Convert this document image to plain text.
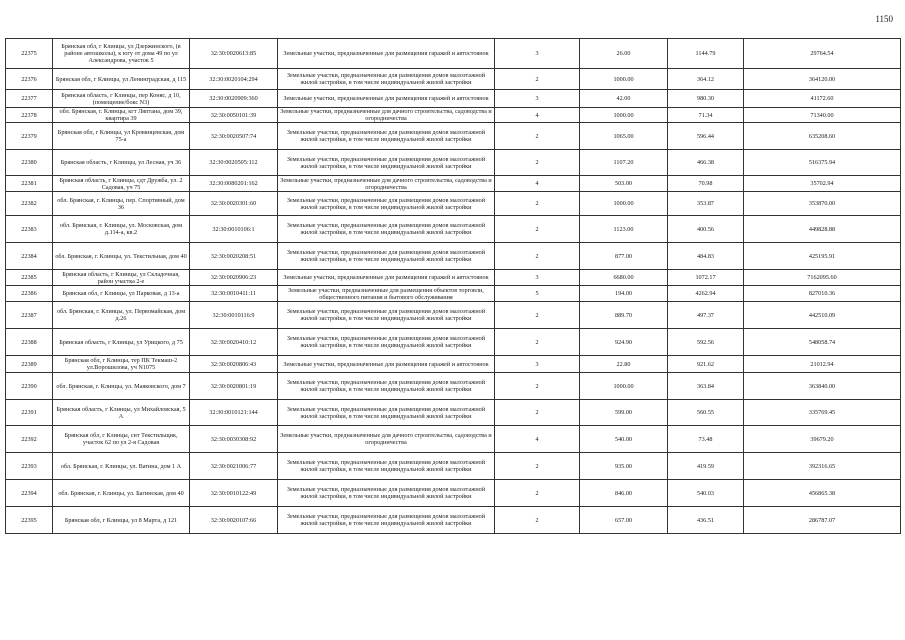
1150
22375	Брянская обл, г Клинцы, ул Дзержинского, (в районе автошколы), к югу от дома 49 по ул Александрова, участок 5	32:30:0020613:85	Земельные участки, предназначенные для размещения гаражей и автостоянок	3	26.00	1144.79	29764.54
22376	Брянская обл, г Клинцы, ул Ленинградская, д 115	32:30:0020104:294	Земельные участки, предназначенные для размещения домов малоэтажной жилой застройки, в том числе индивидуальной жилой застройки	2	1000.00	364.12	364120.00
22377	Брянская область, г Клинцы, пер Коняс, д 10, (помещение/бокс N3)	32:30:0020909:360	Земельные участки, предназначенные для размещения гаражей и автостоянок	3	42.00	980.30	41172.60
22378	обл. Брянская, г. Клинцы, кгт Ляптана, дом 39, квартира 39	32:30:0050101:39	Земельные участки, предназначенные для дачного строительства, садоводства и огородничества	4	1000.00	71.34	71340.00
22379	Брянская обл, г Клинцы, ул Кровянцевская, дом 75-а	32:30:0020507:74	Земельные участки, предназначенные для размещения домов малоэтажной жилой застройки, в том числе индивидуальной жилой застройки	2	1065.00	596.44	635208.60
22380	Брянская область, г Клинцы, ул Лесная, уч 36	32:30:0020505:112	Земельные участки, предназначенные для размещения домов малоэтажной жилой застройки, в том числе индивидуальной жилой застройки	2	1107.20	466.38	516375.94
22381	Брянская область, г Клинцы, сдт Дружба, ул. 2 Садовая, уч 75	32:30:0080201:162	Земельные участки, предназначенные для дачного строительства, садоводства и огородничества	4	503.00	70.98	35702.94
22382	обл. Брянская, г. Клинцы, пер. Спортивный, дом 36	32:30:0020301:60	Земельные участки, предназначенные для размещения домов малоэтажной жилой застройки, в том числе индивидуальной жилой застройки	2	1000.00	353.87	353870.00
22383	обл. Брянская, г. Клинцы, ул. Московская, дом д.114-а, кв.2	32:30:0010106:1	Земельные участки, предназначенные для размещения домов малоэтажной жилой застройки, в том числе индивидуальной жилой застройки	2	1123.00	400.56	449828.88
22384	обл. Брянская, г. Клинцы, ул. Текстильная, дом 40	32:30:0020208:51	Земельные участки, предназначенные для размещения домов малоэтажной жилой застройки, в том числе индивидуальной жилой застройки	2	877.00	484.83	425195.91
22385	Брянская область, г Клинцы, ул Складочная, район участка 2-е	32:30:0020906:23	Земельные участки, предназначенные для размещения гаражей и автостоянок	3	6680.00	1072.17	7162095.60
22386	Брянская обл, г Клинцы, ул Парковая, д 13-а	32:30:0010411:11	Земельные участки, предназначенные для размещения объектов торговли, общественного питания и бытового обслуживания	5	194.00	4262.94	827010.36
22387	обл. Брянская, г. Клинцы, ул. Первомайская, дом д.26	32:30:0010116:9	Земельные участки, предназначенные для размещения домов малоэтажной жилой застройки, в том числе индивидуальной жилой застройки	2	889.70	497.37	442510.09
22388	Брянская область, г Клинцы, ул Урицкого, д 75	32:30:0020410:12	Земельные участки, предназначенные для размещения домов малоэтажной жилой застройки, в том числе индивидуальной жилой застройки	2	924.90	592.56	548058.74
22389	Брянская обл, г Клинцы, тер ПК Текмаш-2 ул.Ворошилова, уч N1075	32:30:0020806:43	Земельные участки, предназначенные для размещения гаражей и автостоянок	3	22.80	921.62	21012.94
22390	обл. Брянская, г. Клинцы, ул. Маяковского, дом 7	32:30:0020801:19	Земельные участки, предназначенные для размещения домов малоэтажной жилой застройки, в том числе индивидуальной жилой застройки	2	1000.00	363.84	363840.00
22391	Брянская область, г Клинцы, ул Михайловская, 5 А	32:30:0010121:144	Земельные участки, предназначенные для размещения домов малоэтажной жилой застройки, в том числе индивидуальной жилой застройки	2	599.00	560.55	335769.45
22392	Брянская обл, г Клинцы, снт Текстильщик, участок 62 по ул 2-я Садовая	32:30:0030308:92	Земельные участки, предназначенные для дачного строительства, садоводства и огородничества	4	540.00	73.48	39679.20
22393	обл. Брянская, г. Клинцы, ул. Ватина, дом 1 А	32:30:0021006:77	Земельные участки, предназначенные для размещения домов малоэтажной жилой застройки, в том числе индивидуальной жилой застройки	2	935.00	419.59	392316.65
22394	обл. Брянская, г. Клинцы, ул. Багинская, дом 40	32:30:0010122:49	Земельные участки, предназначенные для размещения домов малоэтажной жилой застройки, в том числе индивидуальной жилой застройки	2	846.00	540.03	456865.38
22395	Брянская обл, г Клинцы, ул 8 Марта, д 121	32:30:0020107:66	Земельные участки, предназначенные для размещения домов малоэтажной жилой застройки, в том числе индивидуальной жилой застройки	2	657.00	436.51	286787.07
